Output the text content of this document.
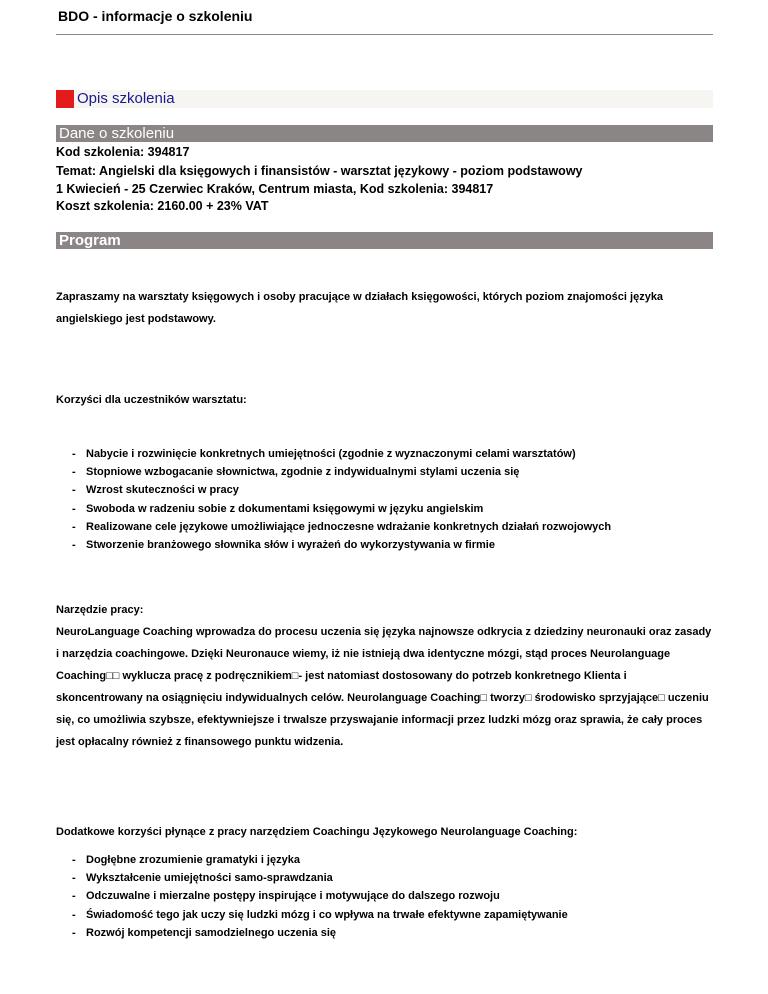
BDO - informacje o szkoleniu
Opis szkolenia
Dane o szkoleniu
Kod szkolenia: 394817
Temat: Angielski dla księgowych i finansistów - warsztat językowy - poziom podstawowy
1 Kwiecień - 25 Czerwiec Kraków, Centrum miasta, Kod szkolenia: 394817
Koszt szkolenia: 2160.00 + 23% VAT
Program
Zapraszamy na warsztaty księgowych i osoby pracujące w działach księgowości, których poziom znajomości języka angielskiego jest podstawowy.
Korzyści dla uczestników warsztatu:
- Nabycie i rozwinięcie konkretnych umiejętności (zgodnie z wyznaczonymi celami warsztatów)
- Stopniowe wzbogacanie słownictwa, zgodnie z indywidualnymi stylami uczenia się
- Wzrost skuteczności w pracy
- Swoboda w radzeniu sobie z dokumentami księgowymi w języku angielskim
- Realizowane cele językowe umożliwiające jednoczesne wdrażanie konkretnych działań rozwojowych
- Stworzenie branżowego słownika słów i wyrażeń do wykorzystywania w firmie
Narzędzie pracy:
NeuroLanguage Coaching wprowadza do procesu uczenia się języka najnowsze odkrycia z dziedziny neuronauki oraz zasady i narzędzia coachingowe. Dzięki Neuronauce wiemy, iż nie istnieją dwa identyczne mózgi, stąd proces Neurolanguage Coaching□□ wyklucza pracę z podręcznikiem□- jest natomiast dostosowany do potrzeb konkretnego Klienta i skoncentrowany na osiągnięciu indywidualnych celów. Neurolanguage Coaching□ tworzy□ środowisko sprzyjające□ uczeniu się, co umożliwia szybsze, efektywniejsze i trwalsze przyswajanie informacji przez ludzki mózg oraz sprawia, że cały proces jest opłacalny również z finansowego punktu widzenia.
Dodatkowe korzyści płynące z pracy narzędziem Coachingu Językowego Neurolanguage Coaching:
- Dogłębne zrozumienie gramatyki i języka
- Wykształcenie umiejętności samo-sprawdzania
- Odczuwalne i mierzalne postępy inspirujące i motywujące do dalszego rozwoju
- Świadomość tego jak uczy się ludzki mózg i co wpływa na trwałe efektywne zapamiętywanie
- Rozwój kompetencji samodzielnego uczenia się
